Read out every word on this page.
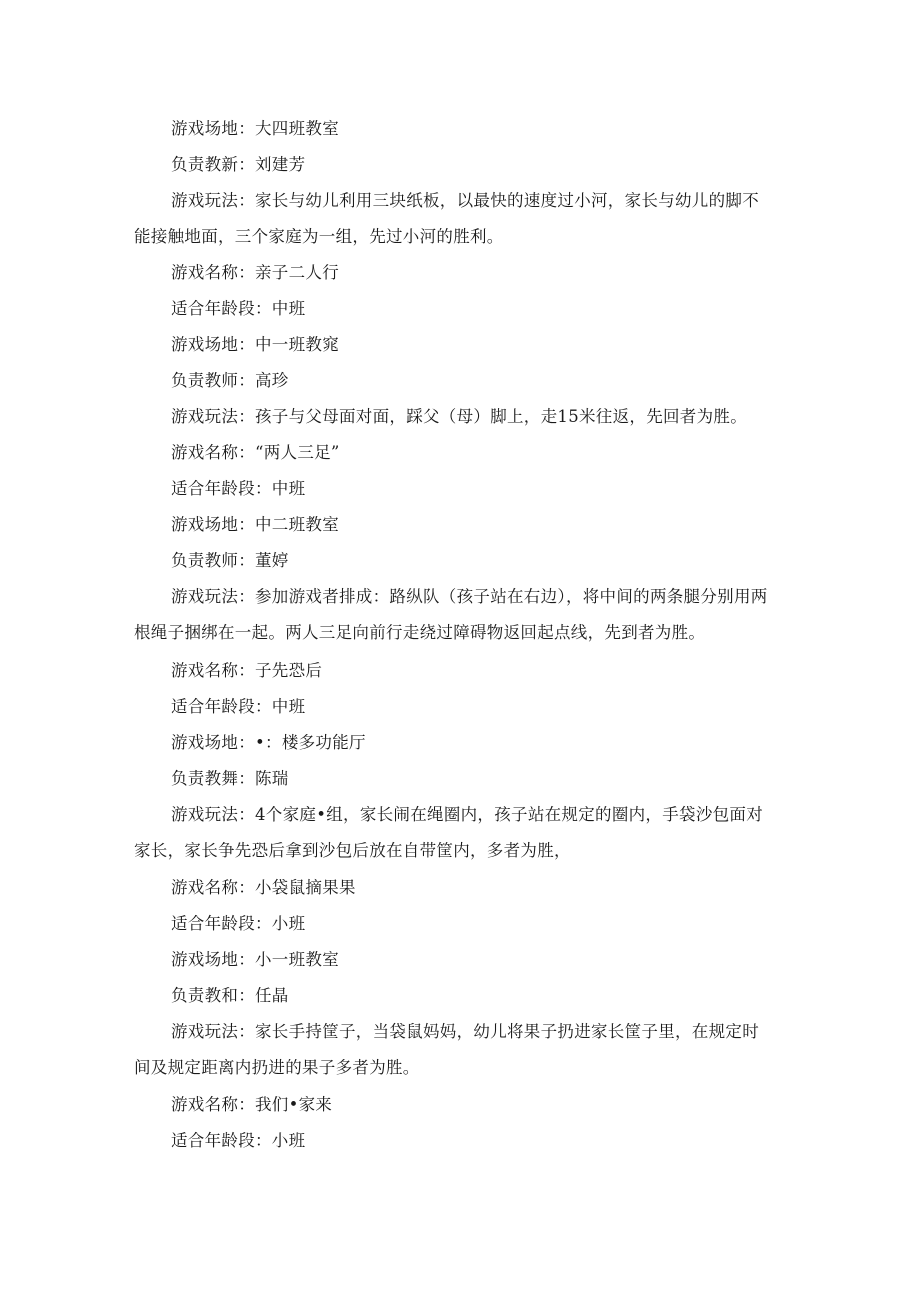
游戏场地：大四班教室

负责教新：刘建芳

游戏玩法：家长与幼儿利用三块纸板，以最快的速度过小河，家长与幼儿的脚不能接触地面，三个家庭为一组，先过小河的胜利。

游戏名称：亲子二人行

适合年龄段：中班

游戏场地：中一班教窕

负责教师：高珍

游戏玩法：孩子与父母面对面，踩父（母）脚上，走15米往返，先回者为胜。

游戏名称：“两人三足”

适合年龄段：中班

游戏场地：中二班教室

负责教师：董婷

游戏玩法：参加游戏者排成：路纵队（孩子站在右边），将中间的两条腿分别用两根绳子捆绑在一起。两人三足向前行走绕过障碍物返回起点线，先到者为胜。

游戏名称：子先恐后

适合年龄段：中班

游戏场地：•：楼多功能厅

负责教舞：陈瑞

游戏玩法：4个家庭•组，家长闹在绳圈内，孩子站在规定的圈内，手袋沙包面对家长，家长争先恐后拿到沙包后放在自带筐内，多者为胜，

游戏名称：小袋鼠摘果果

适合年龄段：小班

游戏场地：小一班教室

负责教和：任晶

游戏玩法：家长手持筐子，当袋鼠妈妈，幼儿将果子扔进家长筐子里，在规定时间及规定距离内扔进的果子多者为胜。

游戏名称：我们•家来

适合年龄段：小班
